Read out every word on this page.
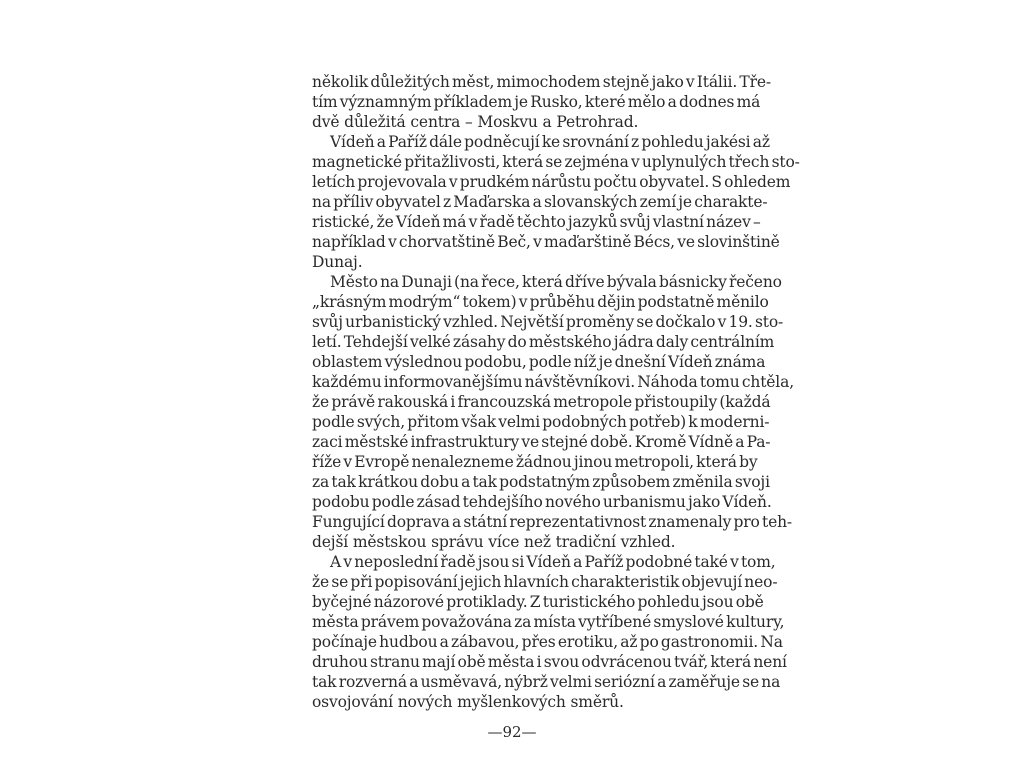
několik důležitých měst, mimochodem stejně jako v Itálii. Tře-
tím významným příkladem je Rusko, které mělo a dodnes má
dvě důležitá centra – Moskvu a Petrohrad.
Vídeň a Paříž dále podněcují ke srovnání z pohledu jakési až
magnetické přitažlivosti, která se zejména v uplynulých třech sto-
letích projevovala v prudkém nárůstu počtu obyvatel. S ohledem
na příliv obyvatel z Maďarska a slovanských zemí je charakte-
ristické, že Vídeň má v řadě těchto jazyků svůj vlastní název –
například v chorvatštině Beč, v maďarštině Bécs, ve slovinštině
Dunaj.
Město na Dunaji (na řece, která dříve bývala básnicky řečeno
„krásným modrým“ tokem) v průběhu dějin podstatně měnilo
svůj urbanistický vzhled. Největší proměny se dočkalo v 19. sto-
letí. Tehdejší velké zásahy do městského jádra daly centrálním
oblastem výslednou podobu, podle níž je dnešní Vídeň známa
každému informovanějšímu návštěvníkovi. Náhoda tomu chtěla,
že právě rakouská i francouzská metropole přistoupily (každá
podle svých, přitom však velmi podobných potřeb) k moderni-
zaci městské infrastruktury ve stejné době. Kromě Vídně a Pa-
říže v Evropě nenalezneme žádnou jinou metropoli, která by
za tak krátkou dobu a tak podstatným způsobem změnila svoji
podobu podle zásad tehdejšího nového urbanismu jako Vídeň.
Fungující doprava a státní reprezentativnost znamenaly pro teh-
dejší městskou správu více než tradiční vzhled.
A v neposlední řadě jsou si Vídeň a Paříž podobné také v tom,
že se při popisování jejich hlavních charakteristik objevují neo-
byčejné názorové protiklady. Z turistického pohledu jsou obě
města právem považována za místa vytříbené smyslové kultury,
počínaje hudbou a zábavou, přes erotiku, až po gastronomii. Na
druhou stranu mají obě města i svou odvrácenou tvář, která není
tak rozverná a usměvavá, nýbrž velmi seriózní a zaměřuje se na
osvojování nových myšlenkových směrů.
—92—
